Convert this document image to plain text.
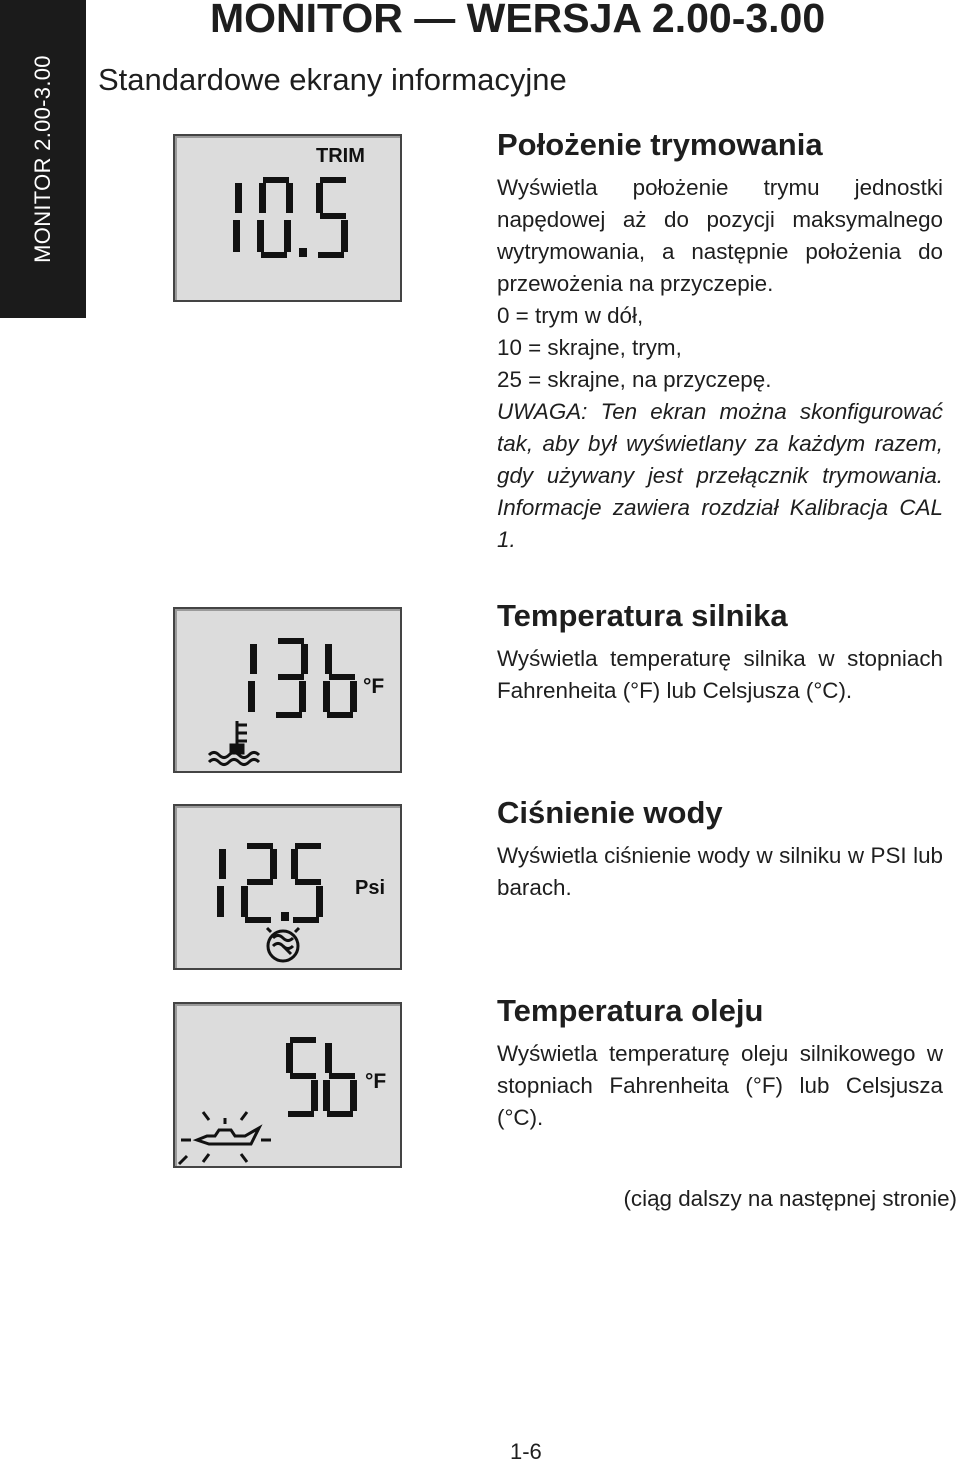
MONITOR 2.00-3.00
MONITOR — WERSJA 2.00-3.00
Standardowe ekrany informacyjne
TRIM
°F
Psi
°F
Położenie trymowania

Wyświetla położenie trymu jednostki napędowej aż do pozycji maksymalnego wytrymowania, a następnie położenia do przewożenia na przyczepie.

0 = trym w dół,

10 = skrajne, trym,

25 = skrajne, na przyczepę.

UWAGA: Ten ekran można skonfigurować tak, aby był wyświetlany za każdym razem, gdy używany jest przełącznik trymowania. Informacje zawiera rozdział Kalibracja CAL 1.

Temperatura silnika

Wyświetla temperaturę silnika w stopniach Fahrenheita (°F) lub Celsjusza (°C).

Ciśnienie wody

Wyświetla ciśnienie wody w silniku w PSI lub barach.

Temperatura oleju

Wyświetla temperaturę oleju silnikowego w stopniach Fahrenheita (°F) lub Celsjusza (°C).

(ciąg dalszy na następnej stronie)

1-6
